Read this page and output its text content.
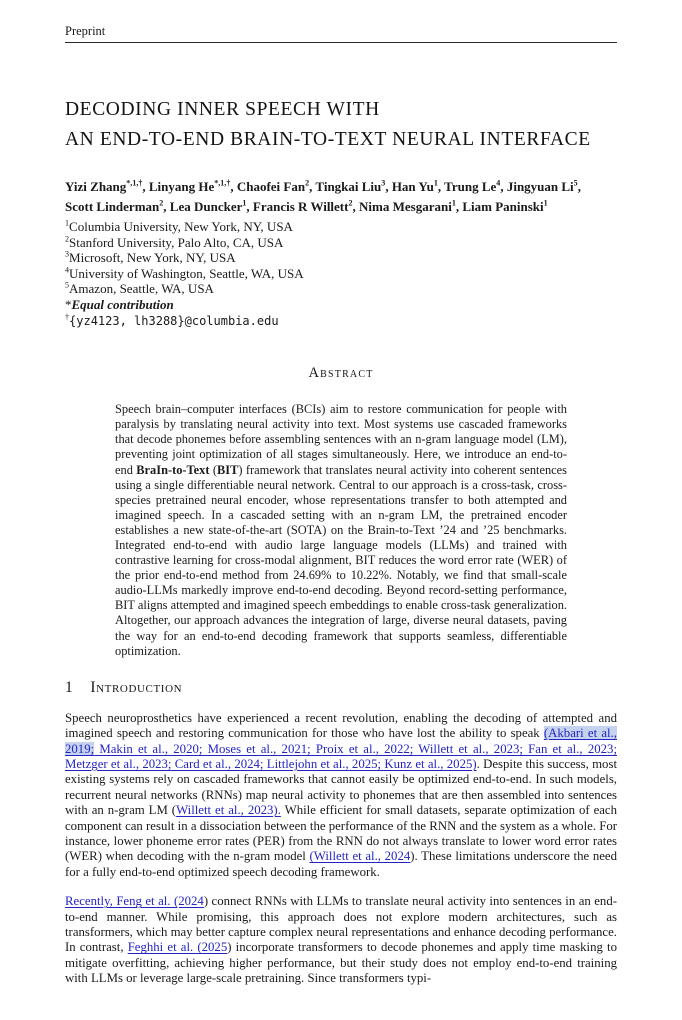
Preprint
DECODING INNER SPEECH WITH
AN END-TO-END BRAIN-TO-TEXT NEURAL INTERFACE

Yizi Zhang$^{*,1,\dagger}$, Linyang $He^{*,1,\dagger}$, Chaofei Fan$^2$, Tingkai Liu$^3$, Han Yu$^1$, Trung Le$^4$, Jingyuan Li$^5$,

Scott Linderman$^2$, Lea Duncker$^1$, Francis R Willett$^2$, Nima Mesgarani$^1$, Liam Paninski$^1$

$^1$Columbia University, New York, NY, USA

$^2$Stanford University, Palo Alto, CA, USA

$^3$Microsoft, New York, NY, USA

$^4$University of Washington, Seattle, WA, USA

$^5$Amazon, Seattle, WA, USA

*Equal contribution

†{yz4123, lh3288}@columbia.edu

Abstract

Speech brain–computer interfaces (BCIs) aim to restore communication for people with paralysis by translating neural activity into text. Most systems use cascaded frameworks that decode phonemes before assembling sentences with an n-gram language model (LM), preventing joint optimization of all stages simultaneously. Here, we introduce an end-to-end BraIn-to-Text (BIT) framework that translates neural activity into coherent sentences using a single differentiable neural network. Central to our approach is a cross-task, cross-species pretrained neural encoder, whose representations transfer to both attempted and imagined speech. In a cascaded setting with an n-gram LM, the pretrained encoder establishes a new state-of-the-art (SOTA) on the Brain-to-Text ’24 and ’25 benchmarks. Integrated end-to-end with audio large language models (LLMs) and trained with contrastive learning for cross-modal alignment, BIT reduces the word error rate (WER) of the prior end-to-end method from 24.69% to 10.22%. Notably, we find that small-scale audio-LLMs markedly improve end-to-end decoding. Beyond record-setting performance, BIT aligns attempted and imagined speech embeddings to enable cross-task generalization. Altogether, our approach advances the integration of large, diverse neural datasets, paving the way for an end-to-end decoding framework that supports seamless, differentiable optimization.

1 Introduction

Speech neuroprosthetics have experienced a recent revolution, enabling the decoding of attempted and imagined speech and restoring communication for those who have lost the ability to speak (Akbari et al., 2019; Makin et al., 2020; Moses et al., 2021; Proix et al., 2022; Willett et al., 2023; Fan et al., 2023; Metzger et al., 2023; Card et al., 2024; Littlejohn et al., 2025; Kunz et al., 2025). Despite this success, most existing systems rely on cascaded frameworks that cannot easily be optimized end-to-end. In such models, recurrent neural networks (RNNs) map neural activity to phonemes that are then assembled into sentences with an n-gram LM (Willett et al., 2023). While efficient for small datasets, separate optimization of each component can result in a dissociation between the performance of the RNN and the system as a whole. For instance, lower phoneme error rates (PER) from the RNN do not always translate to lower word error rates (WER) when decoding with the n-gram model (Willett et al., 2024). These limitations underscore the need for a fully end-to-end optimized speech decoding framework.

Recently, Feng et al. (2024) connect RNNs with LLMs to translate neural activity into sentences in an end-to-end manner. While promising, this approach does not explore modern architectures, such as transformers, which may better capture complex neural representations and enhance decoding performance. In contrast, Feghhi et al. (2025) incorporate transformers to decode phonemes and apply time masking to mitigate overfitting, achieving higher performance, but their study does not employ end-to-end training with LLMs or leverage large-scale pretraining. Since transformers typi-
